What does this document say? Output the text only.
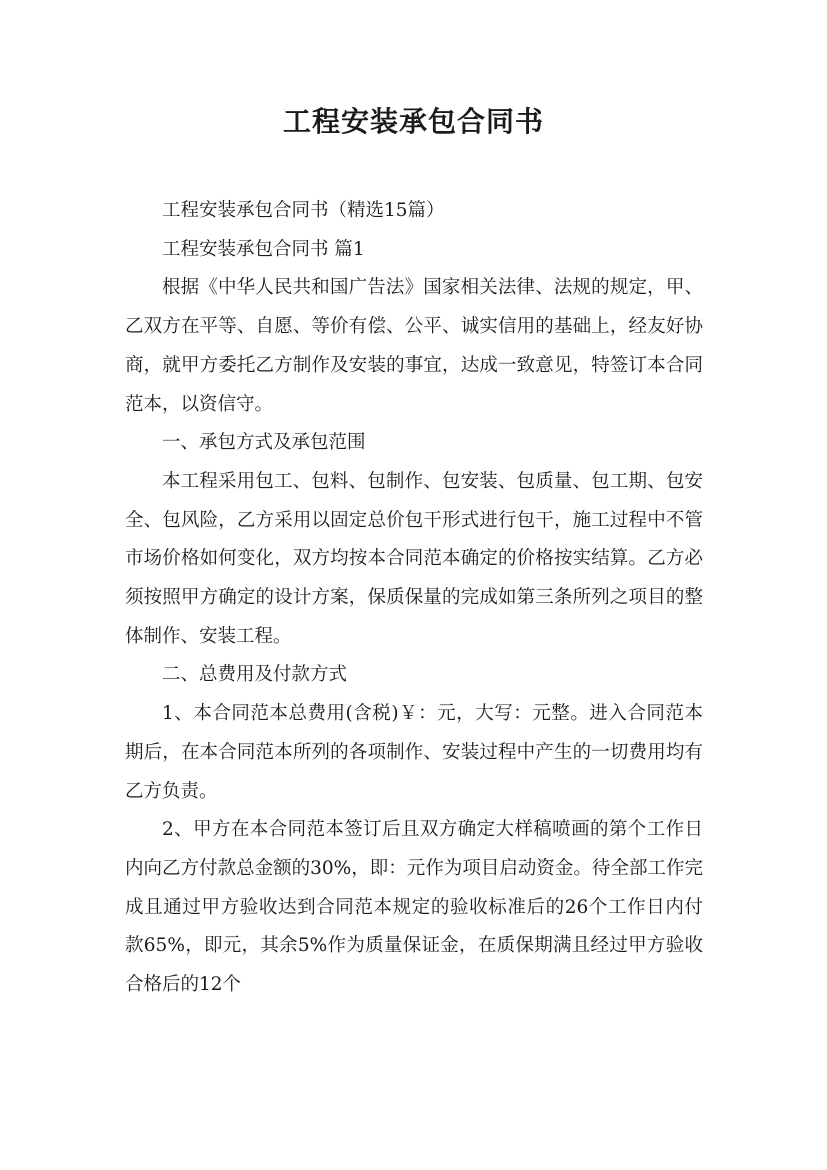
工程安装承包合同书

工程安装承包合同书（精选15篇）

工程安装承包合同书 篇1

根据《中华人民共和国广告法》国家相关法律、法规的规定，甲、乙双方在平等、自愿、等价有偿、公平、诚实信用的基础上，经友好协商，就甲方委托乙方制作及安装的事宜，达成一致意见，特签订本合同范本，以资信守。

一、承包方式及承包范围

本工程采用包工、包料、包制作、包安装、包质量、包工期、包安全、包风险，乙方采用以固定总价包干形式进行包干，施工过程中不管市场价格如何变化，双方均按本合同范本确定的价格按实结算。乙方必须按照甲方确定的设计方案，保质保量的完成如第三条所列之项目的整体制作、安装工程。

二、总费用及付款方式

1、本合同范本总费用(含税)￥：元，大写：元整。进入合同范本期后，在本合同范本所列的各项制作、安装过程中产生的一切费用均有乙方负责。

2、甲方在本合同范本签订后且双方确定大样稿喷画的第个工作日内向乙方付款总金额的30%，即：元作为项目启动资金。待全部工作完成且通过甲方验收达到合同范本规定的验收标准后的26个工作日内付款65%，即元，其余5%作为质量保证金，在质保期满且经过甲方验收合格后的12个
